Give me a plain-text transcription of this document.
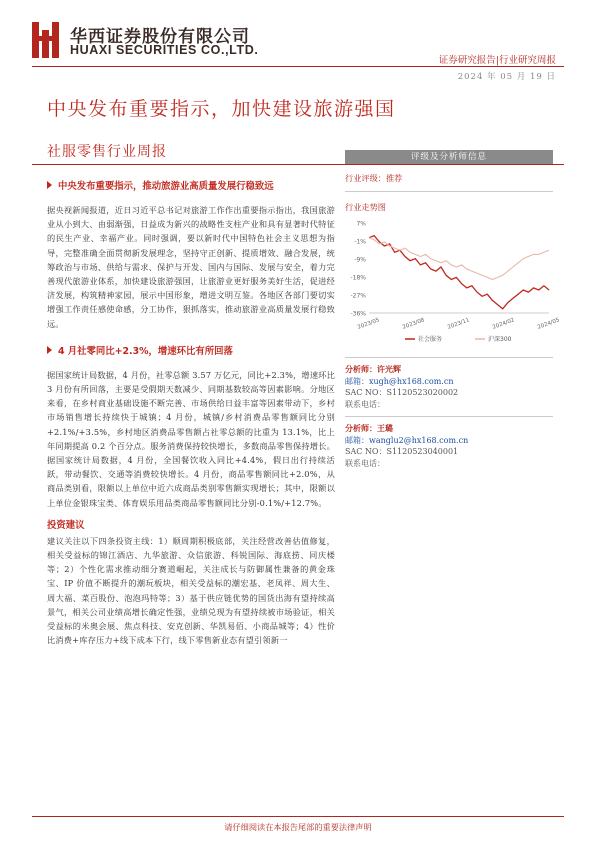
华西证券股份有限公司
HUAXI SECURITIES CO.,LTD.
证券研究报告|行业研究周报
2024 年 05 月 19 日
中央发布重要指示，加快建设旅游强国
社服零售行业周报
中央发布重要指示，推动旅游业高质量发展行稳致远
据央视新闻报道，近日习近平总书记对旅游工作作出重要指示指出，我国旅游业从小到大、由弱渐强，日益成为新兴的战略性支柱产业和具有显著时代特征的民生产业、幸福产业。同时强调，要以新时代中国特色社会主义思想为指导，完整准确全面贯彻新发展理念，坚持守正创新、提质增效、融合发展，统筹政治与市场、供给与需求、保护与开发、国内与国际、发展与安全，着力完善现代旅游业体系，加快建设旅游强国，让旅游业更好服务美好生活，促进经济发展，构筑精神家园，展示中国形象，增进文明互鉴。各地区各部门要切实增强工作责任感使命感，分工协作，狠抓落实，推动旅游业高质量发展行稳致远。
4 月社零同比+2.3%，增速环比有所回落
据国家统计局数据，4 月份，社零总额 3.57 万亿元，同比+2.3%，增速环比 3 月份有所回落，主要是受假期天数减少、同期基数较高等因素影响。分地区来看，在乡村商业基础设施不断完善、市场供给日益丰富等因素带动下，乡村市场销售增长持续快于城镇；4 月份，城镇/乡村消费品零售额同比分别+2.1%/+3.5%，乡村地区消费品零售额占社零总额的比重为 13.1%，比上年同期提高 0.2 个百分点。服务消费保持较快增长，多数商品零售保持增长。据国家统计局数据，4 月份，全国餐饮收入同比+4.4%，假日出行持续活跃，带动餐饮、交通等消费较快增长。4 月份，商品零售额同比+2.0%，从商品类别看，限额以上单位中近六成商品类别零售额实现增长；其中，限额以上单位金银珠宝类、体育娱乐用品类商品零售额同比分别-0.1%/+12.7%。
投资建议
建议关注以下四条投资主线：1）顺周期积极底部，关注经营改善估值修复，相关受益标的锦江酒店、九华旅游、众信旅游、科锐国际、海底捞、同庆楼等；2）个性化需求推动细分赛道崛起，关注成长与防御属性兼备的黄金珠宝、IP 价值不断提升的潮玩板块，相关受益标的潮宏基、老凤祥、周大生、周大福、菜百股份、泡泡玛特等；3）基于供应链优势的国货出海有望持续高景气，相关公司业绩高增长确定性强，业绩兑现为有望持续被市场验证，相关受益标的米奥会展、焦点科技、安克创新、华凯易佰、小商品城等；4）性价比消费+库存压力+线下成本下行，线下零售新业态有望引领新一
评级及分析师信息
行业评级：推荐
行业走势图
7%
-1%
-9%
-18%
-27%
-36%
2023/05	2023/08	2023/11	2024/02	2024/05
社会服务	沪深300
分析师：许光辉
邮箱：xugh@hx168.com.cn
SAC NO：S1120523020002
联系电话：
分析师：王璐
邮箱：wanglu2@hx168.com.cn
SAC NO：S1120523040001
联系电话：
请仔细阅读在本报告尾部的重要法律声明
